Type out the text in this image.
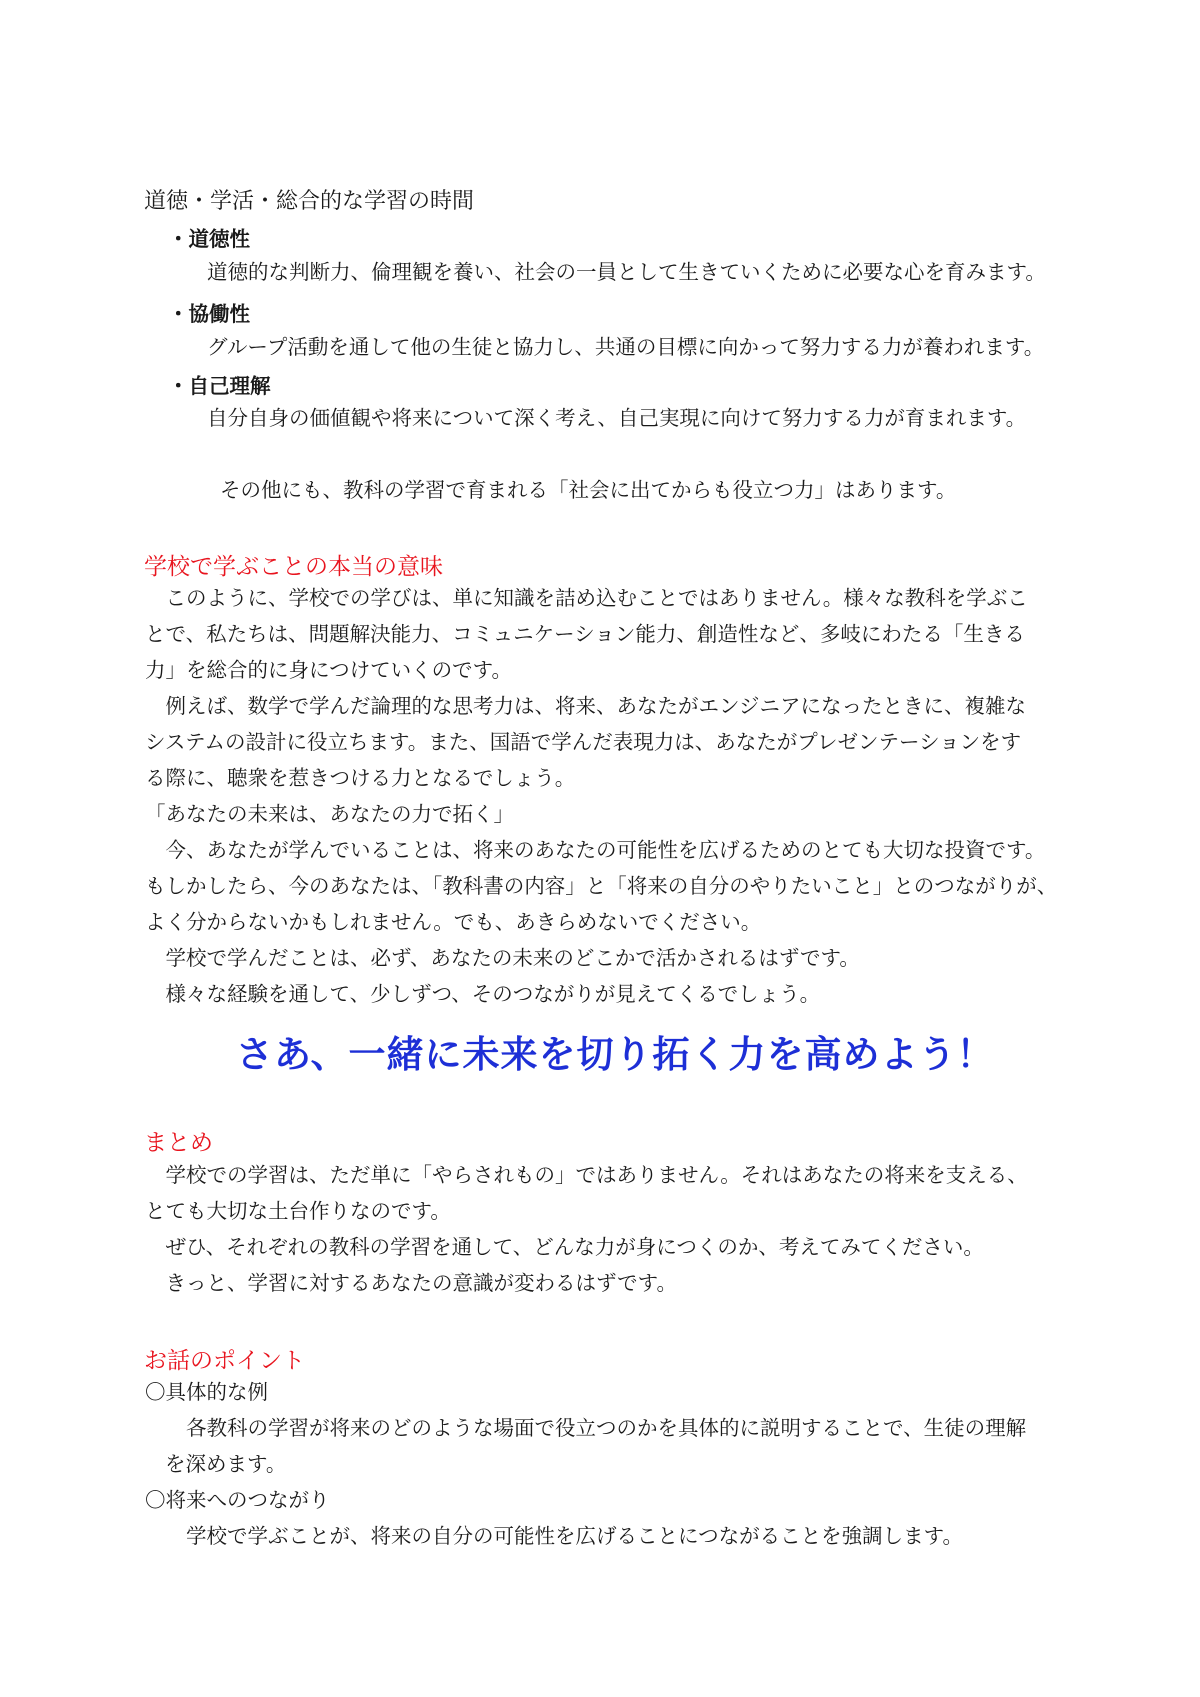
道徳・学活・総合的な学習の時間
・道徳性
道徳的な判断力、倫理観を養い、社会の一員として生きていくために必要な心を育みます。
・協働性
グループ活動を通して他の生徒と協力し、共通の目標に向かって努力する力が養われます。
・自己理解
自分自身の価値観や将来について深く考え、自己実現に向けて努力する力が育まれます。
その他にも、教科の学習で育まれる「社会に出てからも役立つ力」はあります。
学校で学ぶことの本当の意味

　このように、学校での学びは、単に知識を詰め込むことではありません。様々な教科を学ぶこ

とで、私たちは、問題解決能力、コミュニケーション能力、創造性など、多岐にわたる「生きる

力」を総合的に身につけていくのです。

　例えば、数学で学んだ論理的な思考力は、将来、あなたがエンジニアになったときに、複雑な

システムの設計に役立ちます。また、国語で学んだ表現力は、あなたがプレゼンテーションをす

る際に、聴衆を惹きつける力となるでしょう。

「あなたの未来は、あなたの力で拓く」

　今、あなたが学んでいることは、将来のあなたの可能性を広げるためのとても大切な投資です。

もしかしたら、今のあなたは、「教科書の内容」と「将来の自分のやりたいこと」とのつながりが、

よく分からないかもしれません。でも、あきらめないでください。

　学校で学んだことは、必ず、あなたの未来のどこかで活かされるはずです。

　様々な経験を通して、少しずつ、そのつながりが見えてくるでしょう。

さあ、一緒に未来を切り拓く力を高めよう！
まとめ

　学校での学習は、ただ単に「やらされもの」ではありません。それはあなたの将来を支える、

とても大切な土台作りなのです。

　ぜひ、それぞれの教科の学習を通して、どんな力が身につくのか、考えてみてください。

　きっと、学習に対するあなたの意識が変わるはずです。

お話のポイント
〇具体的な例
各教科の学習が将来のどのような場面で役立つのかを具体的に説明することで、生徒の理解
を深めます。
〇将来へのつながり
学校で学ぶことが、将来の自分の可能性を広げることにつながることを強調します。
